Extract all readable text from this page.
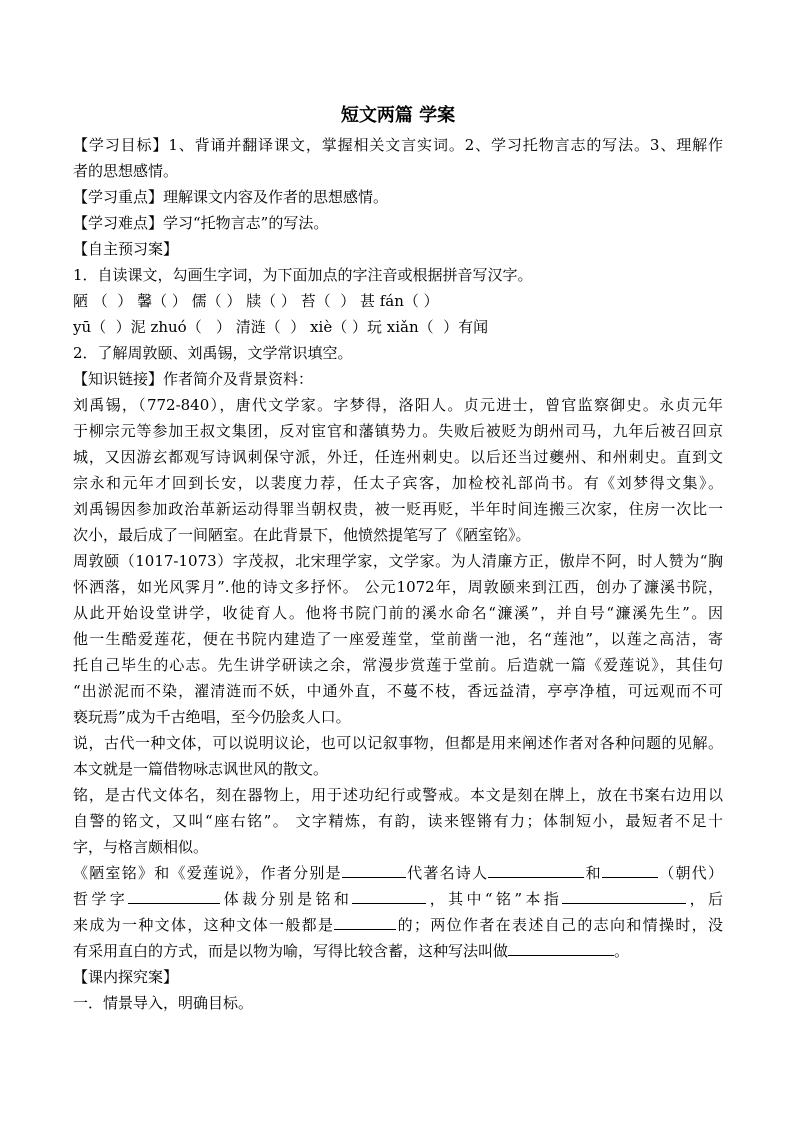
短文两篇 学案
【学习目标】1、背诵并翻译课文，掌握相关文言实词。2、学习托物言志的写法。3、理解作
者的思想感情。
【学习重点】理解课文内容及作者的思想感情。
【学习难点】学习“托物言志”的写法。
【自主预习案】
1．自读课文，勾画生字词，为下面加点的字注音或根据拼音写汉字。
陋 （  ） 馨（ ） 儒（ ） 牍（ ） 苔（  ） 甚 fán（ ）
yū（  ）泥 zhuó（   ） 清涟（  ） xiè（ ）玩 xiǎn（  ）有闻
2．了解周敦颐、刘禹锡，文学常识填空。
【知识链接】作者简介及背景资料：
刘禹锡，（772-840），唐代文学家。字梦得，洛阳人。贞元进士，曾官监察御史。永贞元年
于柳宗元等参加王叔文集团，反对宦官和藩镇势力。失败后被贬为朗州司马，九年后被召回京
城，又因游玄都观写诗讽刺保守派，外迁，任连州刺史。以后还当过夔州、和州刺史。直到文
宗永和元年才回到长安，以裴度力荐，任太子宾客，加检校礼部尚书。有《刘梦得文集》。
刘禹锡因参加政治革新运动得罪当朝权贵，被一贬再贬，半年时间连搬三次家，住房一次比一
次小，最后成了一间陋室。在此背景下，他愤然提笔写了《陋室铭》。
周敦颐（1017-1073）字茂叔，北宋理学家，文学家。为人清廉方正，傲岸不阿，时人赞为“胸
怀洒落，如光风霁月”.他的诗文多抒怀。 公元1072年，周敦颐来到江西，创办了濂溪书院，
从此开始设堂讲学，收徒育人。他将书院门前的溪水命名“濂溪”，并自号“濂溪先生”。因
他一生酷爱莲花，便在书院内建造了一座爱莲堂，堂前凿一池，名“莲池”，以莲之高洁，寄
托自己毕生的心志。先生讲学研读之余，常漫步赏莲于堂前。后造就一篇《爱莲说》，其佳句
“出淤泥而不染，濯清涟而不妖，中通外直，不蔓不枝，香远益清，亭亭净植，可远观而不可
亵玩焉”成为千古绝唱，至今仍脍炙人口。
说，古代一种文体，可以说明议论，也可以记叙事物，但都是用来阐述作者对各种问题的见解。
本文就是一篇借物咏志讽世风的散文。
铭，是古代文体名，刻在器物上，用于述功纪行或警戒。本文是刻在牌上，放在书案右边用以
自警的铭文，又叫“座右铭”。 文字精炼，有韵，读来铿锵有力；体制短小，最短者不足十
字，与格言颇相似。
《陋室铭》和《爱莲说》，作者分别是	代著名诗人	和	（朝代）
哲学字	体裁分别是铭和	，其中“铭”本指	，后
来成为一种文体，这种文体一般都是	的；两位作者在表述自己的志向和情操时，没
有采用直白的方式，而是以物为喻，写得比较含蓄，这种写法叫做	。
【课内探究案】
一．情景导入，明确目标。
